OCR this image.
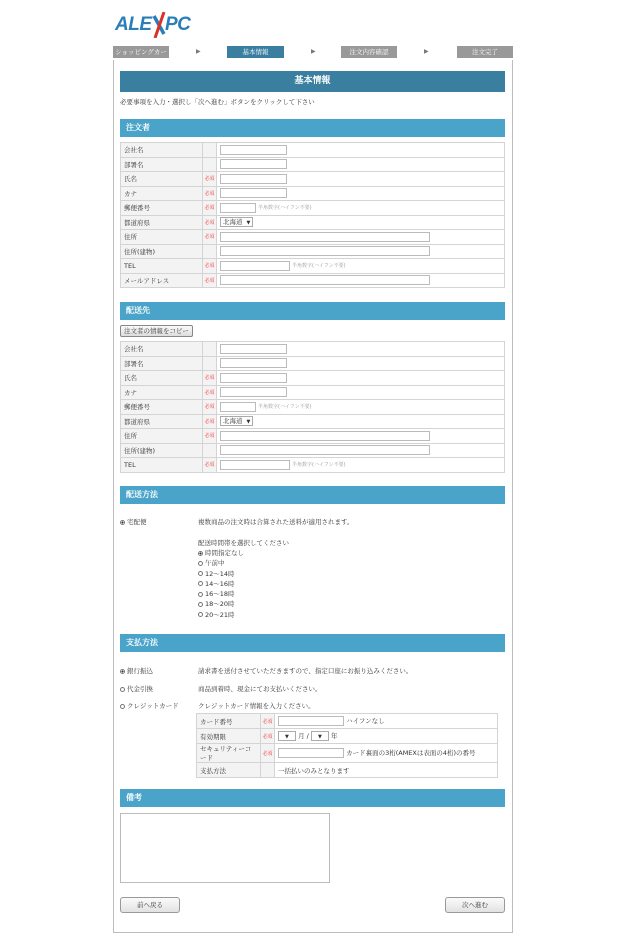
ALE PC
ショッピングカート
▶	基本情報	▶	注文内容確認	▶	注文完了
基本情報
必要事項を入力・選択し「次へ進む」ボタンをクリックして下さい
注文者
会社名		
部署名		
氏名	必須	
カナ	必須	
郵便番号	必須	半角数字(ハイフン不要)
都道府県	必須	北海道 ▼
住所	必須	
住所(建物)		
TEL	必須	半角数字(ハイフン不要)
メールアドレス	必須	
配送先
注文者の情報をコピー
会社名		
部署名		
氏名	必須	
カナ	必須	
郵便番号	必須	半角数字(ハイフン不要)
都道府県	必須	北海道 ▼
住所	必須	
住所(建物)		
TEL	必須	半角数字(ハイフン不要)
配送方法
宅配便	複数商品の注文時は合算された送料が適用されます。
配送時間帯を選択してください
時間指定なし
午前中
12～14時
14～16時
16～18時
18～20時
20～21時
支払方法
銀行振込	請求書を送付させていただきますので、指定口座にお振り込みください。
代金引換	商品到着時、現金にてお支払いください。
クレジットカード	クレジットカード情報を入力ください。
カード番号	必須	ハイフンなし
有効期限	必須	▼ 月 / ▼ 年
セキュリティーコード	必須	カード裏面の3桁(AMEXは表面の4桁)の番号
支払方法		一括払いのみとなります
備考
前へ戻る	次へ進む
